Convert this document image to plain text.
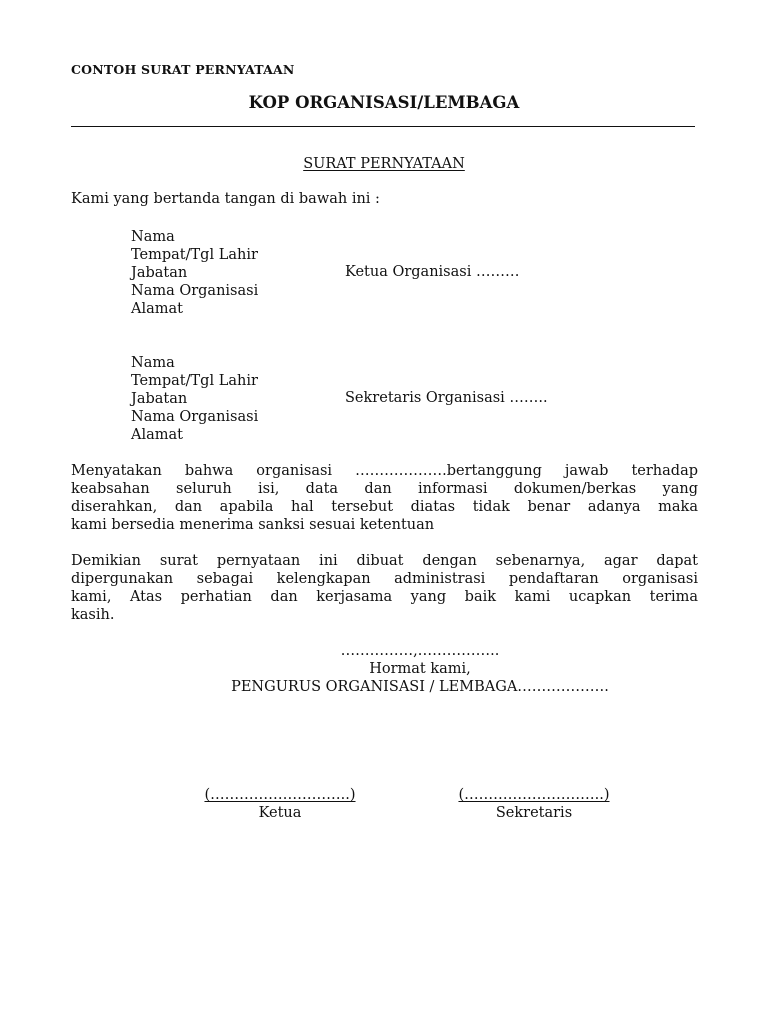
CONTOH SURAT PERNYATAAN
KOP ORGANISASI/LEMBAGA
SURAT PERNYATAAN
Kami yang bertanda tangan di bawah ini :
Nama
Tempat/Tgl Lahir
Jabatan
Nama Organisasi
Alamat
Ketua Organisasi ………
Nama
Tempat/Tgl Lahir
Jabatan
Nama Organisasi
Alamat
Sekretaris Organisasi ……..
Menyatakan bahwa organisasi ……………….bertanggung jawab terhadap
keabsahan seluruh isi, data dan informasi dokumen/berkas yang
diserahkan, dan apabila hal tersebut diatas tidak benar adanya maka
kami bersedia menerima sanksi sesuai ketentuan
Demikian surat pernyataan ini dibuat dengan sebenarnya, agar dapat
dipergunakan sebagai kelengkapan administrasi pendaftaran organisasi
kami, Atas perhatian dan kerjasama yang baik kami ucapkan terima
kasih.
……………,……………..
Hormat kami,
PENGURUS ORGANISASI / LEMBAGA……………….
(………………………..)
Ketua
(………………………..)
Sekretaris
